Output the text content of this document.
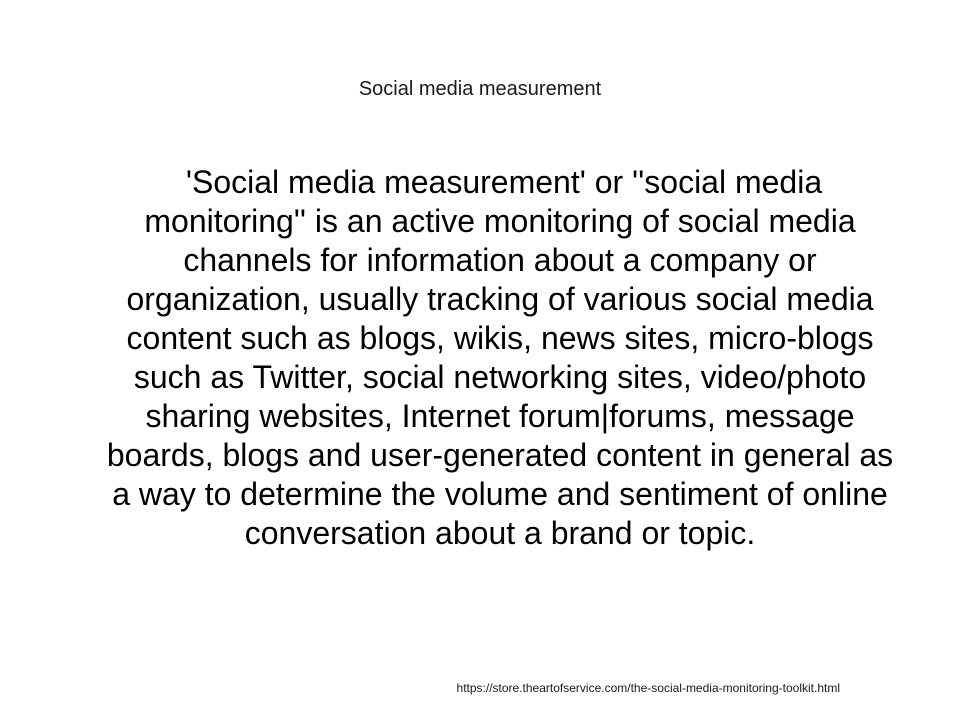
Social media measurement
'Social media measurement' or ''social media monitoring'' is an active monitoring of social media channels for information about a company or organization, usually tracking of various social media content such as blogs, wikis, news sites, micro-blogs such as Twitter, social networking sites, video/photo sharing websites, Internet forum|forums, message boards, blogs and user-generated content in general as a way to determine the volume and sentiment of online conversation about a brand or topic.
https://store.theartofservice.com/the-social-media-monitoring-toolkit.html
